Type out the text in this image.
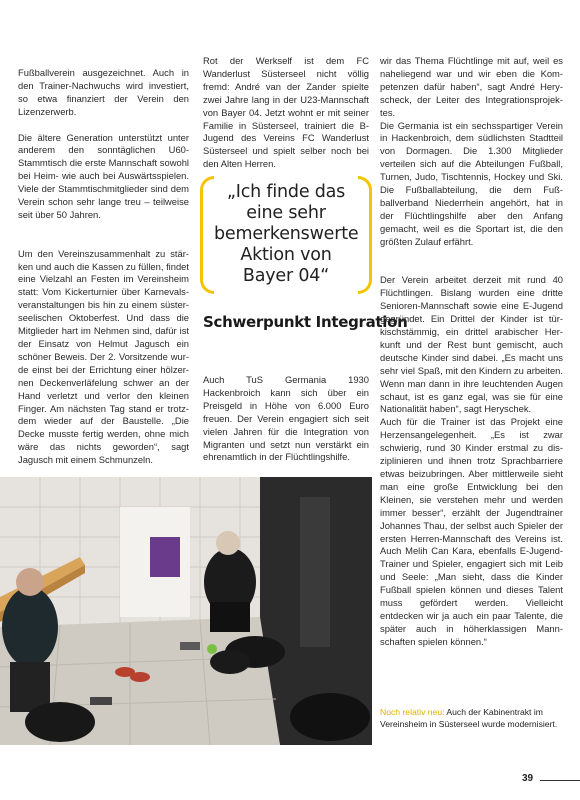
Fußballverein ausgezeichnet. Auch in den Trainer-Nachwuchs wird investiert, so etwa finanziert der Verein den Lizenzerwerb.

Die ältere Generation unterstützt unter anderem den sonntäglichen U60-Stammtisch die erste Mannschaft sowohl bei Heim- wie auch bei Auswärtsspielen. Viele der Stammtischmitglieder sind dem Verein schon sehr lange treu – teilweise seit über 50 Jahren.

Um den Vereinszusammenhalt zu stärken und auch die Kassen zu füllen, findet eine Vielzahl an Festen im Vereinsheim statt: Vom Kickerturnier über Karnevalsveranstaltungen bis hin zu einem süsterseelischen Oktoberfest. Und dass die Mitglieder hart im Nehmen sind, dafür ist der Einsatz von Helmut Jagusch ein schöner Beweis. Der 2. Vorsitzende wurde einst bei der Errichtung einer hölzernen Deckenverläfelung schwer an der Hand verletzt und verlor den kleinen Finger. Am nächsten Tag stand er trotzdem wieder auf der Baustelle. „Die Decke musste fertig werden, ohne mich wäre das nichts geworden“, sagt Jagusch mit einem Schmunzeln.

Rot der Werkself ist dem FC Wanderlust Süsterseel nicht völlig fremd: André van der Zander spielte zwei Jahre lang in der U23-Mannschaft von Bayer 04. Jetzt wohnt er mit seiner Familie in Süsterseel, trainiert die B-Jugend des Vereins FC Wanderlust Süsterseel und spielt selber noch bei den Alten Herren.

Auch TuS Germania 1930 Hackenbroich kann sich über ein Preisgeld in Höhe von 6.000 Euro freuen. Der Verein engagiert sich seit vielen Jahren für die Integration von Migranten und setzt nun verstärkt ein ehrenamtlich in der Flüchtlingshilfe.

„Ich finde das eine sehr bemerkenswerte Aktion von Bayer 04“
Schwerpunkt Integration

wir das Thema Flüchtlinge mit auf, weil es naheliegend war und wir eben die Kompetenzen dafür haben“, sagt André Heryscheck, der Leiter des Integrationsprojektes.

Die Germania ist ein sechsspartiger Verein in Hackenbroich, dem südlichsten Stadtteil von Dormagen. Die 1.300 Mitglieder verteilen sich auf die Abteilungen Fußball, Turnen, Judo, Tischtennis, Hockey und Ski. Die Fußballabteilung, die dem Fußballverband Niederrhein angehört, hat in der Flüchtlingshilfe aber den Anfang gemacht, weil es die Sportart ist, die den größten Zulauf erfährt.

Der Verein arbeitet derzeit mit rund 40 Flüchtlingen. Bislang wurden eine dritte Senioren-Mannschaft sowie eine E-Jugend gegründet. Ein Drittel der Kinder ist türkischstämmig, ein drittel arabischer Herkunft und der Rest bunt gemischt, auch deutsche Kinder sind dabei. „Es macht uns sehr viel Spaß, mit den Kindern zu arbeiten. Wenn man dann in ihre leuchtenden Augen schaut, ist es ganz egal, was sie für eine Nationalität haben“, sagt Heryschek.

Auch für die Trainer ist das Projekt eine Herzensangelegenheit. „Es ist zwar schwierig, rund 30 Kinder erstmal zu disziplinieren und ihnen trotz Sprachbarriere etwas beizubringen. Aber mittlerweile sieht man eine große Entwicklung bei den Kleinen, sie verstehen mehr und werden immer besser“, erzählt der Jugendtrainer Johannes Thau, der selbst auch Spieler der ersten Herren-Mannschaft des Vereins ist. Auch Melih Can Kara, ebenfalls E-Jugend-Trainer und Spieler, engagiert sich mit Leib und Seele: „Man sieht, dass die Kinder Fußball spielen können und dieses Talent muss gefördert werden. Vielleicht entdecken wir ja auch ein paar Talente, die später auch in höherklassigen Mannschaften spielen können.“

Noch relativ neu: Auch der Kabinentrakt im Vereinsheim in Süsterseel wurde modernisiert.
39
